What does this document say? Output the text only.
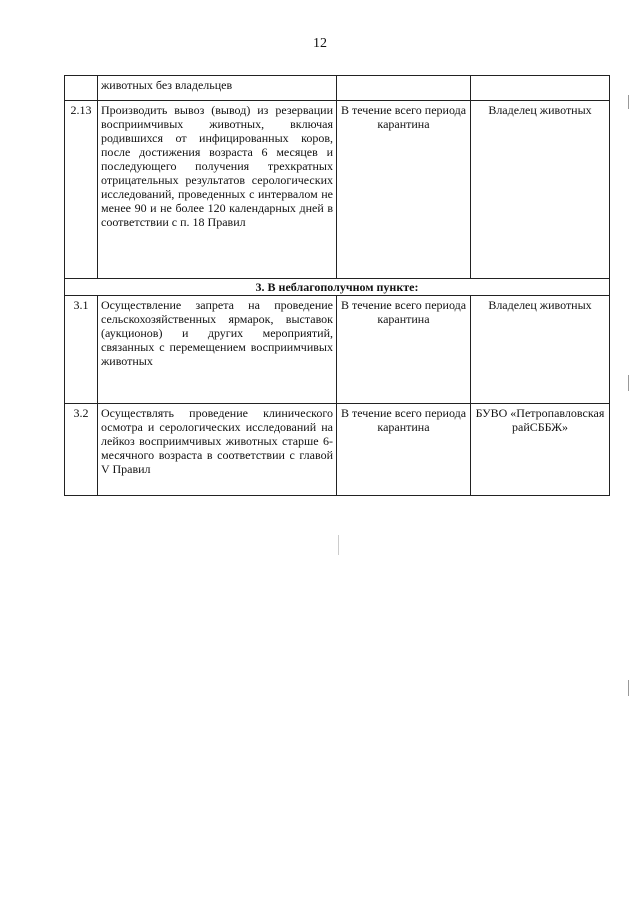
12
	животных без владельцев		
2.13	Производить вывоз (вывод) из резервации восприимчивых животных, включая родившихся от инфицированных коров, после достижения возраста 6 месяцев и последующего получения трехкратных отрицательных результатов серологических исследований, проведенных с интервалом не менее 90 и не более 120 календарных дней в соответствии с п. 18 Правил	В течение всего периода карантина	Владелец животных
3. В неблагополучном пункте:			
3.1	Осуществление запрета на проведение сельскохозяйственных ярмарок, выставок (аукционов) и других мероприятий, связанных с перемещением восприимчивых животных	В течение всего периода карантина	Владелец животных
3.2	Осуществлять проведение клинического осмотра и серологических исследований на лейкоз восприимчивых животных старше 6-месячного возраста в соответствии с главой V Правил	В течение всего периода карантина	БУВО «Петропавловская райСББЖ»
